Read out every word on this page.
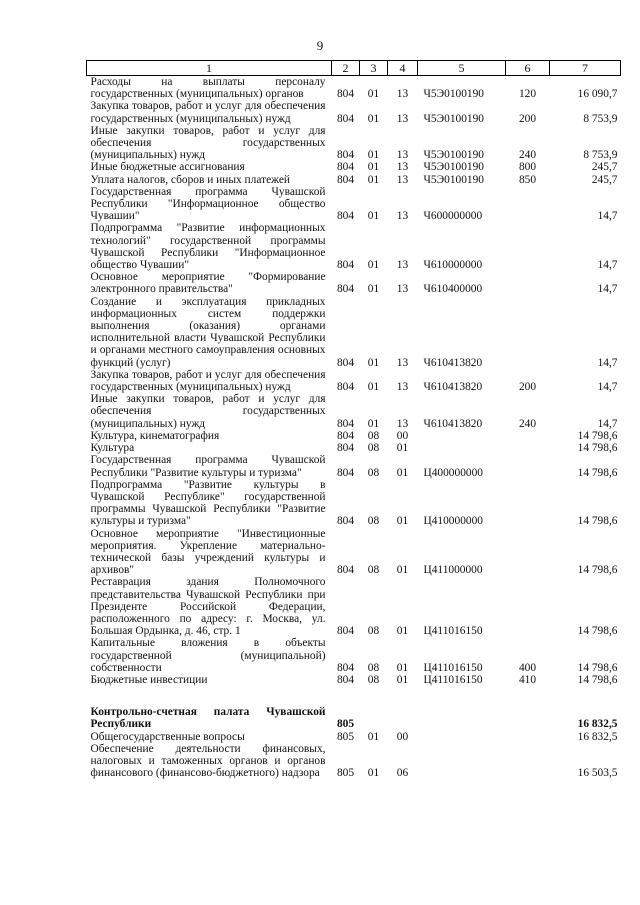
9
1	2	3	4	5	6	7
Расходы на выплаты персоналу государственных (муниципальных) органов	804	01	13	Ч5Э0100190	120	16 090,7
Закупка товаров, работ и услуг для обеспечения государственных (муниципальных) нужд	804	01	13	Ч5Э0100190	200	8 753,9
Иные закупки товаров, работ и услуг для обеспечения государственных (муниципальных) нужд	804	01	13	Ч5Э0100190	240	8 753,9
Иные бюджетные ассигнования	804	01	13	Ч5Э0100190	800	245,7
Уплата налогов, сборов и иных платежей	804	01	13	Ч5Э0100190	850	245,7
Государственная программа Чувашской Республики "Информационное общество Чувашии"	804	01	13	Ч600000000		14,7
Подпрограмма "Развитие информационных технологий" государственной программы Чувашской Республики "Информационное общество Чувашии"	804	01	13	Ч610000000		14,7
Основное мероприятие "Формирование электронного правительства"	804	01	13	Ч610400000		14,7
Создание и эксплуатация прикладных информационных систем поддержки выполнения (оказания) органами исполнительной власти Чувашской Республики и органами местного самоуправления основных функций (услуг)	804	01	13	Ч610413820		14,7
Закупка товаров, работ и услуг для обеспечения государственных (муниципальных) нужд	804	01	13	Ч610413820	200	14,7
Иные закупки товаров, работ и услуг для обеспечения государственных (муниципальных) нужд	804	01	13	Ч610413820	240	14,7
Культура, кинематография	804	08	00			14 798,6
Культура	804	08	01			14 798,6
Государственная программа Чувашской Республики "Развитие культуры и туризма"	804	08	01	Ц400000000		14 798,6
Подпрограмма "Развитие культуры в Чувашской Республике" государственной программы Чувашской Республики "Развитие культуры и туризма"	804	08	01	Ц410000000		14 798,6
Основное мероприятие "Инвестиционные мероприятия. Укрепление материально-технической базы учреждений культуры и архивов"	804	08	01	Ц411000000		14 798,6
Реставрация здания Полномочного представительства Чувашской Республики при Президенте Российской Федерации, расположенного по адресу: г. Москва, ул. Большая Ордынка, д. 46, стр. 1	804	08	01	Ц411016150		14 798,6
Капитальные вложения в объекты государственной (муниципальной) собственности	804	08	01	Ц411016150	400	14 798,6
Бюджетные инвестиции	804	08	01	Ц411016150	410	14 798,6

Контрольно-счетная палата Чувашской Республики	805					16 832,5
Общегосударственные вопросы	805	01	00			16 832,5
Обеспечение деятельности финансовых, налоговых и таможенных органов и органов финансового (финансово-бюджетного) надзора	805	01	06			16 503,5
